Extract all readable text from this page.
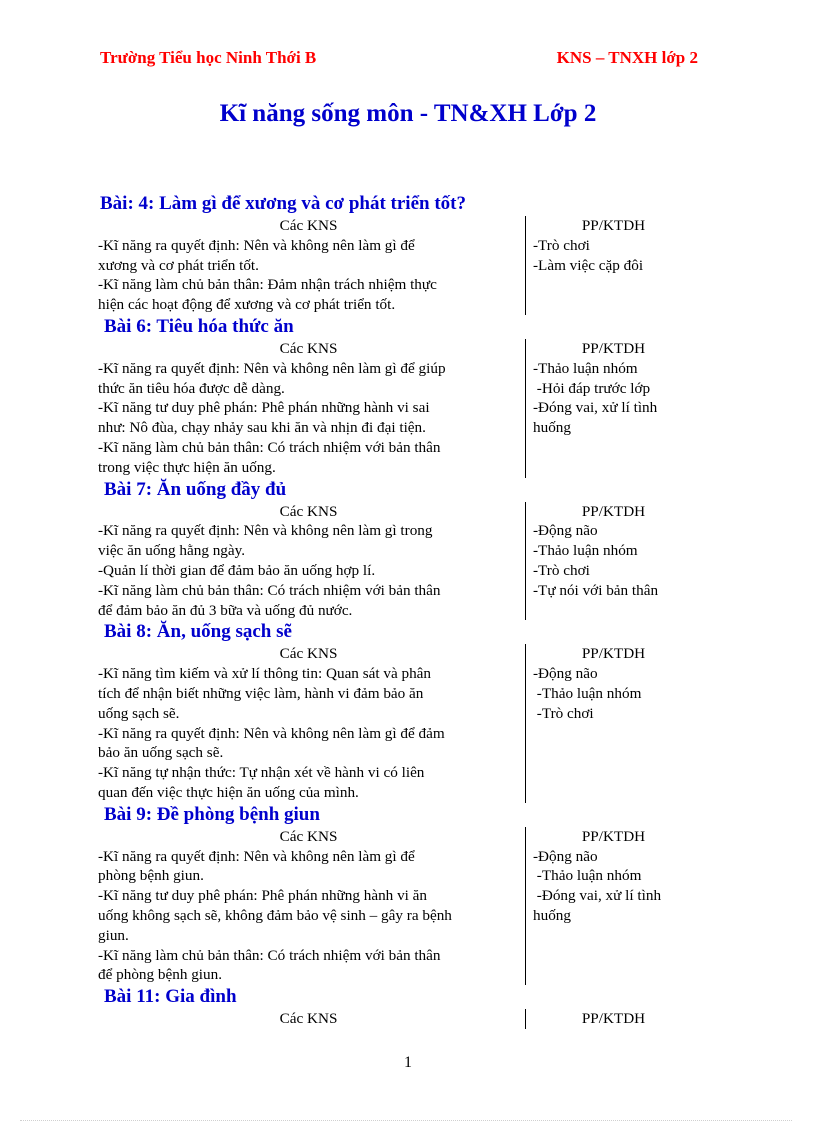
Trường Tiểu học Ninh Thới B	KNS – TNXH lớp 2
Kĩ năng sống môn - TN&XH Lớp 2
Bài: 4: Làm gì để xương và cơ phát triển tốt?
Các KNS
-Kĩ năng ra quyết định: Nên và không nên làm gì để
xương và cơ phát triển tốt.
-Kĩ năng làm chủ bản thân: Đảm nhận trách nhiệm thực
hiện các hoạt động để xương và cơ phát triển tốt.
PP/KTDH
-Trò chơi
-Làm việc cặp đôi
Bài 6: Tiêu hóa thức ăn
Các KNS
-Kĩ năng ra quyết định: Nên và không nên làm gì để giúp
thức ăn tiêu hóa được dễ dàng.
-Kĩ năng tư duy phê phán: Phê phán những hành vi sai
như: Nô đùa, chạy nhảy sau khi ăn và nhịn đi đại tiện.
-Kĩ năng làm chủ bản thân: Có trách nhiệm với bản thân
trong việc thực hiện ăn uống.
PP/KTDH
-Thảo luận nhóm
-Hỏi đáp trước lớp
-Đóng vai, xử lí tình
huống
Bài 7: Ăn uống đầy đủ
Các KNS
-Kĩ năng ra quyết định: Nên và không nên làm gì trong
việc ăn uống hằng ngày.
-Quản lí thời gian để đảm bảo ăn uống hợp lí.
-Kĩ năng làm chủ bản thân: Có trách nhiệm với bản thân
để đảm bảo ăn đủ 3 bữa và uống đủ nước.
PP/KTDH
-Động não
-Thảo luận nhóm
-Trò chơi
-Tự nói với bản thân
Bài 8: Ăn, uống sạch sẽ
Các KNS
-Kĩ năng tìm kiếm và xử lí thông tin: Quan sát và phân
tích để nhận biết những việc làm, hành vi đảm bảo ăn
uống sạch sẽ.
-Kĩ năng ra quyết định: Nên và không nên làm gì để đảm
bảo ăn uống sạch sẽ.
-Kĩ năng tự nhận thức: Tự nhận xét về hành vi có liên
quan đến việc thực hiện ăn uống của mình.
PP/KTDH
-Động não
-Thảo luận nhóm
-Trò chơi
Bài 9: Đề phòng bệnh giun
Các KNS
-Kĩ năng ra quyết định: Nên và không nên làm gì để
phòng bệnh giun.
-Kĩ năng tư duy phê phán: Phê phán những hành vi ăn
uống không sạch sẽ, không đảm bảo vệ sinh – gây ra bệnh
giun.
-Kĩ năng làm chủ bản thân: Có trách nhiệm với bản thân
để phòng bệnh giun.
PP/KTDH
-Động não
-Thảo luận nhóm
-Đóng vai, xử lí tình
huống
Bài 11: Gia đình
Các KNS	PP/KTDH
1
